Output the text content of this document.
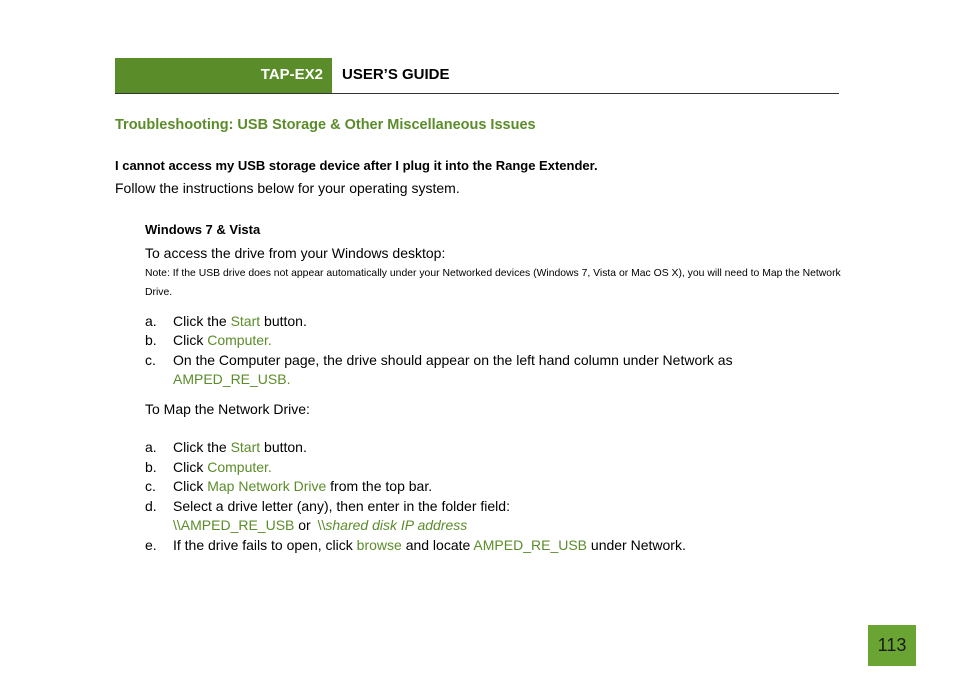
TAP-EX2 USER’S GUIDE
Troubleshooting: USB Storage & Other Miscellaneous Issues
I cannot access my USB storage device after I plug it into the Range Extender.
Follow the instructions below for your operating system.
Windows 7 & Vista
To access the drive from your Windows desktop:
Note: If the USB drive does not appear automatically under your Networked devices (Windows 7, Vista or Mac OS X), you will need to Map the Network Drive.
a. Click the Start button.
b. Click Computer.
c. On the Computer page, the drive should appear on the left hand column under Network as
AMPED_RE_USB.
To Map the Network Drive:
a. Click the Start button.
b. Click Computer.
c. Click Map Network Drive from the top bar.
d. Select a drive letter (any), then enter in the folder field:
\\AMPED_RE_USB or \\shared disk IP address
e. If the drive fails to open, click browse and locate AMPED_RE_USB under Network.
113
